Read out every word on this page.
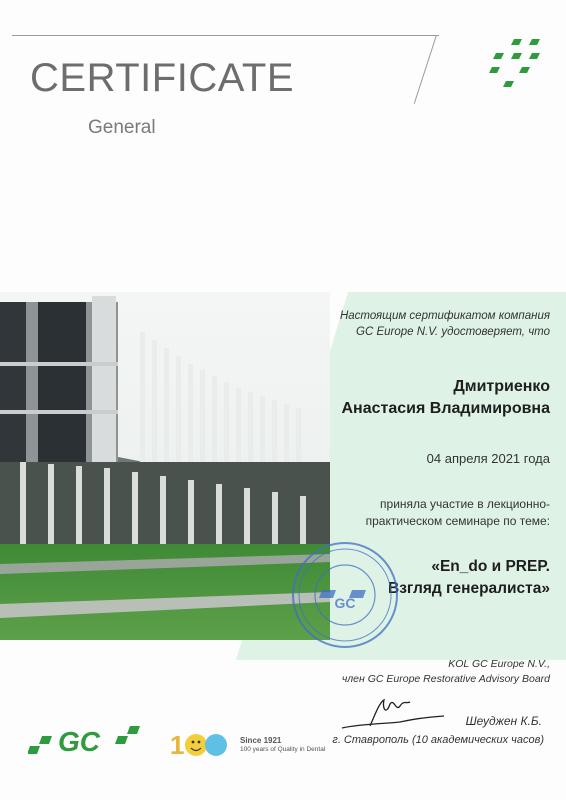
CERTIFICATE
General
Настоящим сертификатом компания
GC Europe N.V. удостоверяет, что
Дмитриенко
Анастасия Владимировна
04 апреля 2021 года
приняла участие в лекционно-
практическом семинаре по теме:
«En_do и PREP.
Взгляд генералиста»
GC
KOL GC Europe N.V.,
член GC Europe Restorative Advisory Board
Шеуджен К.Б.
г. Ставрополь (10 академических часов)
GC	1	Since 1921
100 years of Quality in Dental
